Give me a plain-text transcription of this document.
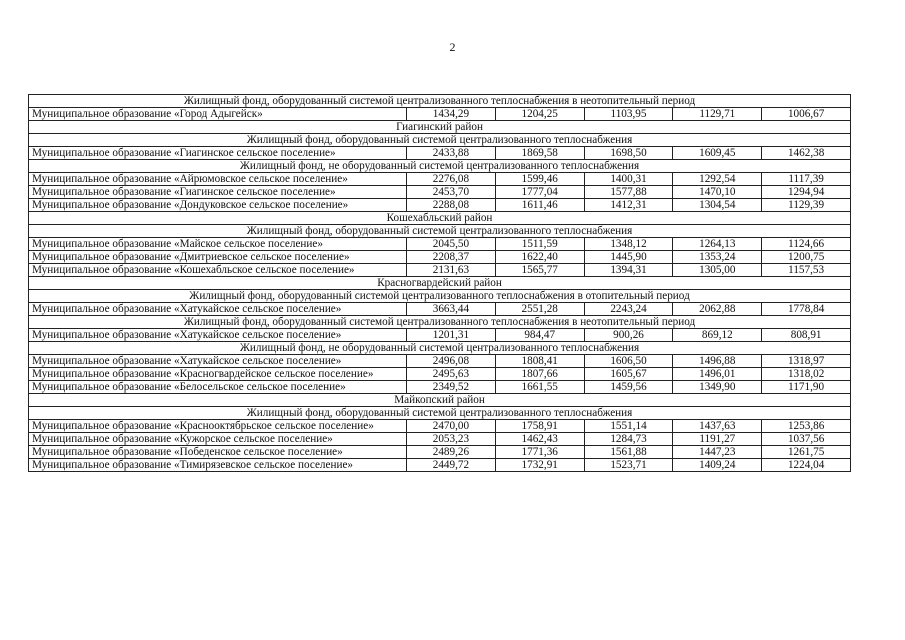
2
Жилищный фонд, оборудованный системой централизованного теплоснабжения в неотопительный период					
Муниципальное образование «Город Адыгейск»	1434,29	1204,25	1103,95	1129,71	1006,67
Гиагинский район					
Жилищный фонд, оборудованный системой централизованного теплоснабжения					
Муниципальное образование «Гиагинское сельское поселение»	2433,88	1869,58	1698,50	1609,45	1462,38
Жилищный фонд, не оборудованный системой централизованного теплоснабжения					
Муниципальное образование «Айрюмовское сельское поселение»	2276,08	1599,46	1400,31	1292,54	1117,39
Муниципальное образование «Гиагинское сельское поселение»	2453,70	1777,04	1577,88	1470,10	1294,94
Муниципальное образование «Дондуковское сельское поселение»	2288,08	1611,46	1412,31	1304,54	1129,39
Кошехабльский район					
Жилищный фонд, оборудованный системой централизованного теплоснабжения					
Муниципальное образование «Майское сельское поселение»	2045,50	1511,59	1348,12	1264,13	1124,66
Муниципальное образование «Дмитриевское сельское поселение»	2208,37	1622,40	1445,90	1353,24	1200,75
Муниципальное образование «Кошехабльское сельское поселение»	2131,63	1565,77	1394,31	1305,00	1157,53
Красногвардейский район					
Жилищный фонд, оборудованный системой централизованного теплоснабжения в отопительный период					
Муниципальное образование «Хатукайское сельское поселение»	3663,44	2551,28	2243,24	2062,88	1778,84
Жилищный фонд, оборудованный системой централизованного теплоснабжения в неотопительный период					
Муниципальное образование «Хатукайское сельское поселение»	1201,31	984,47	900,26	869,12	808,91
Жилищный фонд, не оборудованный системой централизованного теплоснабжения					
Муниципальное образование «Хатукайское сельское поселение»	2496,08	1808,41	1606,50	1496,88	1318,97
Муниципальное образование «Красногвардейское сельское поселение»	2495,63	1807,66	1605,67	1496,01	1318,02
Муниципальное образование «Белосельское сельское поселение»	2349,52	1661,55	1459,56	1349,90	1171,90
Майкопский район					
Жилищный фонд, оборудованный системой централизованного теплоснабжения					
Муниципальное образование «Краснооктябрьское сельское поселение»	2470,00	1758,91	1551,14	1437,63	1253,86
Муниципальное образование «Кужорское сельское поселение»	2053,23	1462,43	1284,73	1191,27	1037,56
Муниципальное образование «Победенское сельское поселение»	2489,26	1771,36	1561,88	1447,23	1261,75
Муниципальное образование «Тимирязевское сельское поселение»	2449,72	1732,91	1523,71	1409,24	1224,04
